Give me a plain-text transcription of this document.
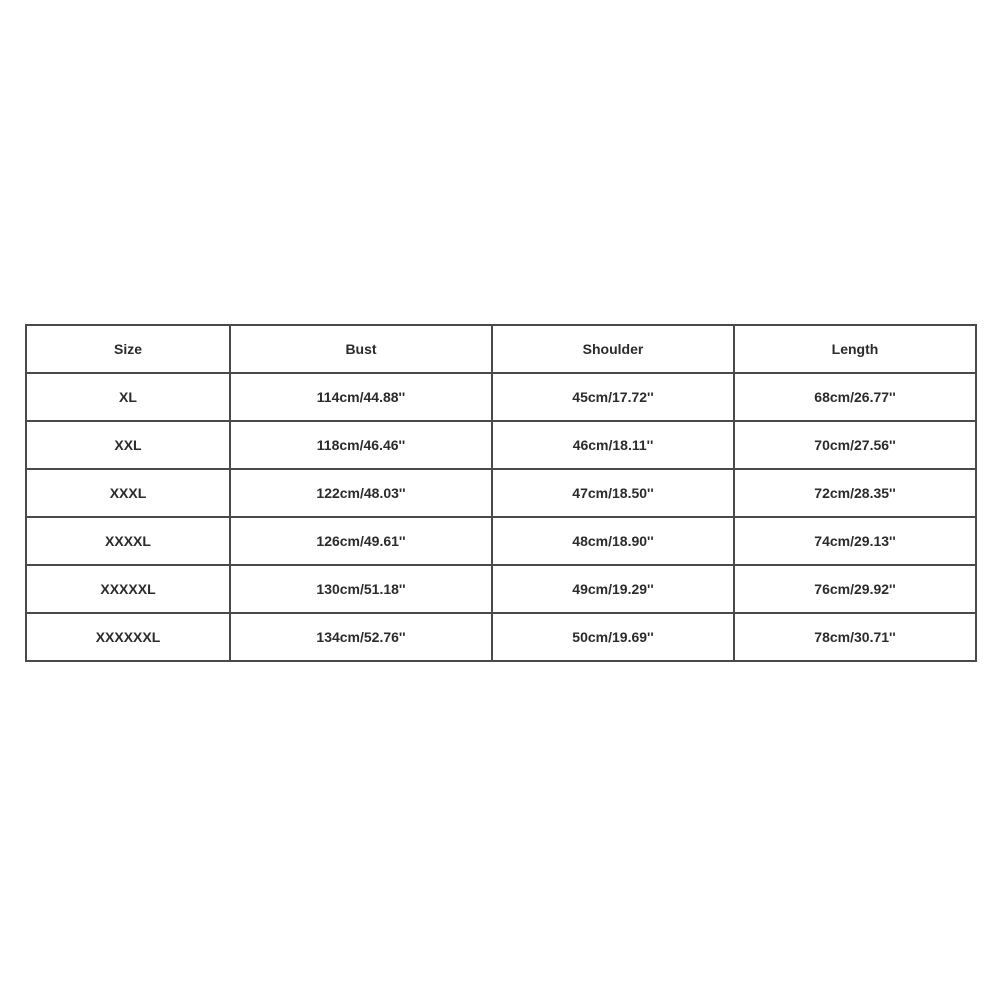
Size	Bust	Shoulder	Length
XL	114cm/44.88''	45cm/17.72''	68cm/26.77''
XXL	118cm/46.46''	46cm/18.11''	70cm/27.56''
XXXL	122cm/48.03''	47cm/18.50''	72cm/28.35''
XXXXL	126cm/49.61''	48cm/18.90''	74cm/29.13''
XXXXXL	130cm/51.18''	49cm/19.29''	76cm/29.92''
XXXXXXL	134cm/52.76''	50cm/19.69''	78cm/30.71''
